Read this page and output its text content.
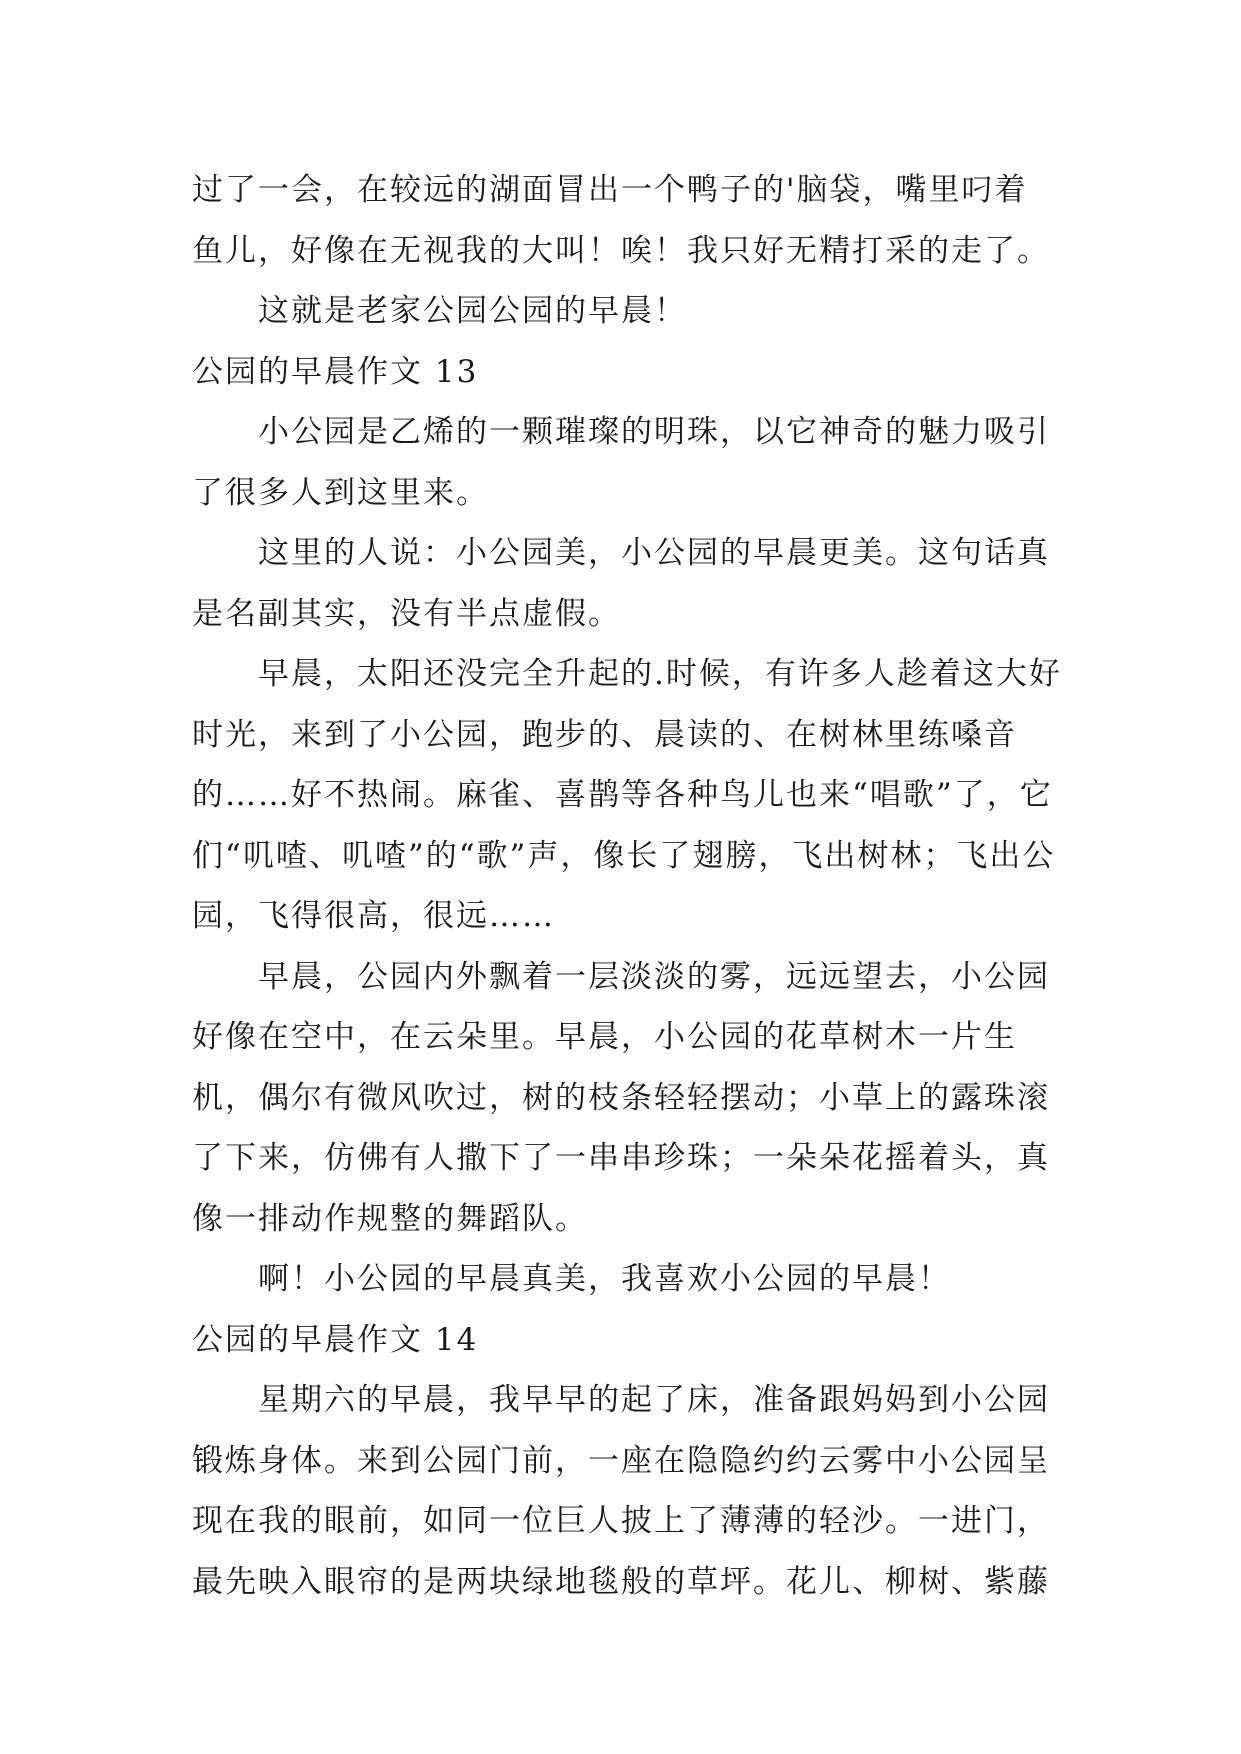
过了一会，在较远的湖面冒出一个鸭子的'脑袋，嘴里叼着

鱼儿，好像在无视我的大叫！唉！我只好无精打采的走了。

这就是老家公园公园的早晨！

公园的早晨作文 13

小公园是乙烯的一颗璀璨的明珠，以它神奇的魅力吸引了很多人到这里来。

这里的人说：小公园美，小公园的早晨更美。这句话真是名副其实，没有半点虚假。

早晨，太阳还没完全升起的.时候，有许多人趁着这大好时光，来到了小公园，跑步的、晨读的、在树林里练嗓音的……好不热闹。麻雀、喜鹊等各种鸟儿也来“唱歌”了，它们“叽喳、叽喳”的“歌”声，像长了翅膀，飞出树林；飞出公园，飞得很高，很远……

早晨，公园内外飘着一层淡淡的雾，远远望去，小公园好像在空中，在云朵里。早晨，小公园的花草树木一片生机，偶尔有微风吹过，树的枝条轻轻摆动；小草上的露珠滚了下来，仿佛有人撒下了一串串珍珠；一朵朵花摇着头，真像一排动作规整的舞蹈队。

啊！小公园的早晨真美，我喜欢小公园的早晨！

公园的早晨作文 14

星期六的早晨，我早早的起了床，准备跟妈妈到小公园锻炼身体。来到公园门前，一座在隐隐约约云雾中小公园呈现在我的眼前，如同一位巨人披上了薄薄的轻沙。一进门，最先映入眼帘的是两块绿地毯般的草坪。花儿、柳树、紫藤
